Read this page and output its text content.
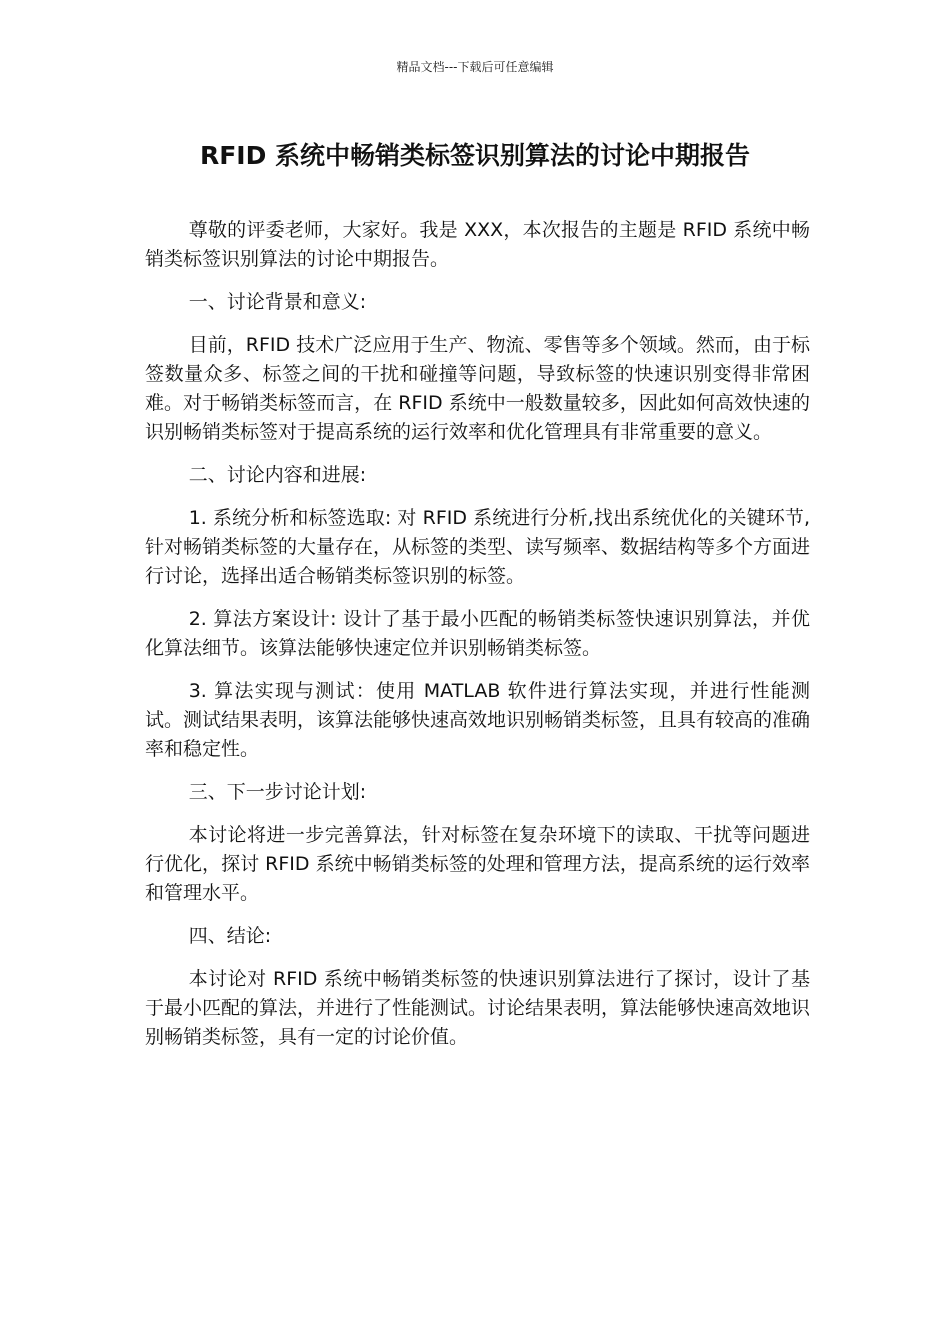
精品文档---下载后可任意编辑
RFID 系统中畅销类标签识别算法的讨论中期报告

尊敬的评委老师，大家好。我是 XXX，本次报告的主题是 RFID 系统中畅销类标签识别算法的讨论中期报告。

一、讨论背景和意义:

目前，RFID 技术广泛应用于生产、物流、零售等多个领域。然而，由于标签数量众多、标签之间的干扰和碰撞等问题，导致标签的快速识别变得非常困难。对于畅销类标签而言，在 RFID 系统中一般数量较多，因此如何高效快速的识别畅销类标签对于提高系统的运行效率和优化管理具有非常重要的意义。

二、讨论内容和进展:

1. 系统分析和标签选取: 对 RFID 系统进行分析,找出系统优化的关键环节, 针对畅销类标签的大量存在，从标签的类型、读写频率、数据结构等多个方面进行讨论，选择出适合畅销类标签识别的标签。

2. 算法方案设计: 设计了基于最小匹配的畅销类标签快速识别算法，并优化算法细节。该算法能够快速定位并识别畅销类标签。

3. 算法实现与测试：使用 MATLAB 软件进行算法实现，并进行性能测试。测试结果表明，该算法能够快速高效地识别畅销类标签，且具有较高的准确率和稳定性。

三、下一步讨论计划:

本讨论将进一步完善算法，针对标签在复杂环境下的读取、干扰等问题进行优化，探讨 RFID 系统中畅销类标签的处理和管理方法，提高系统的运行效率和管理水平。

四、结论:

本讨论对 RFID 系统中畅销类标签的快速识别算法进行了探讨，设计了基于最小匹配的算法，并进行了性能测试。讨论结果表明，算法能够快速高效地识别畅销类标签，具有一定的讨论价值。
